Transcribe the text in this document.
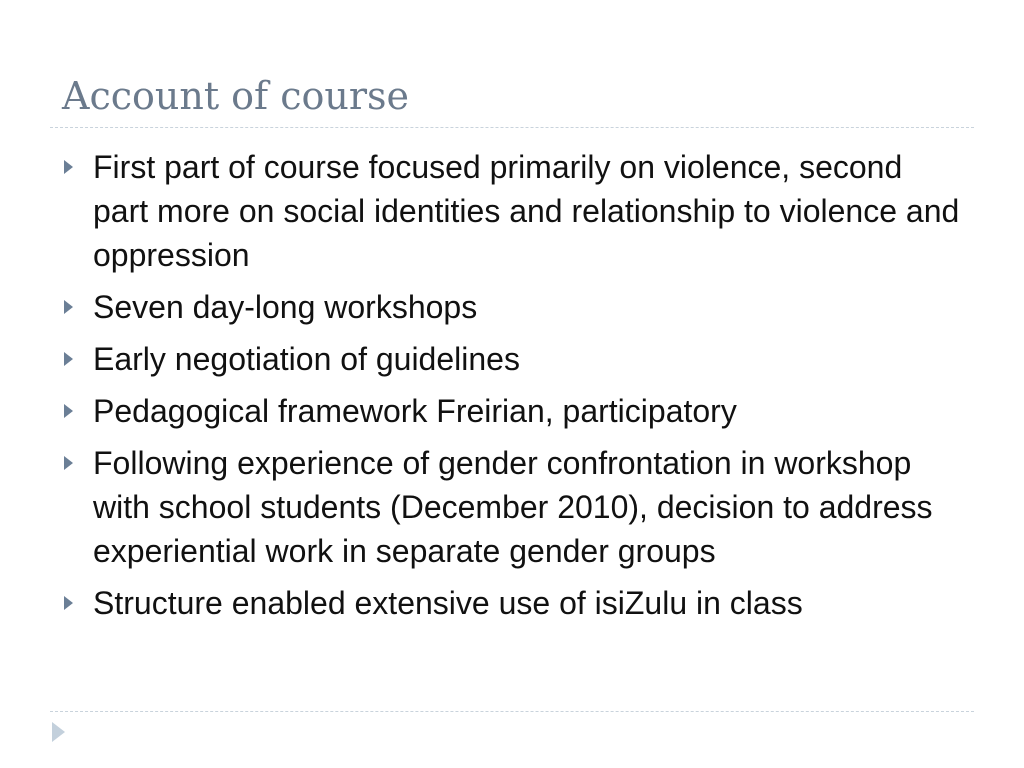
Account of course
First part of course focused primarily on violence, second part more on social identities and relationship to violence and oppression
Seven day-long workshops
Early negotiation of guidelines
Pedagogical framework Freirian, participatory
Following experience of gender confrontation in workshop with school students (December 2010), decision to address experiential work in separate gender groups
Structure enabled extensive use of isiZulu in class
